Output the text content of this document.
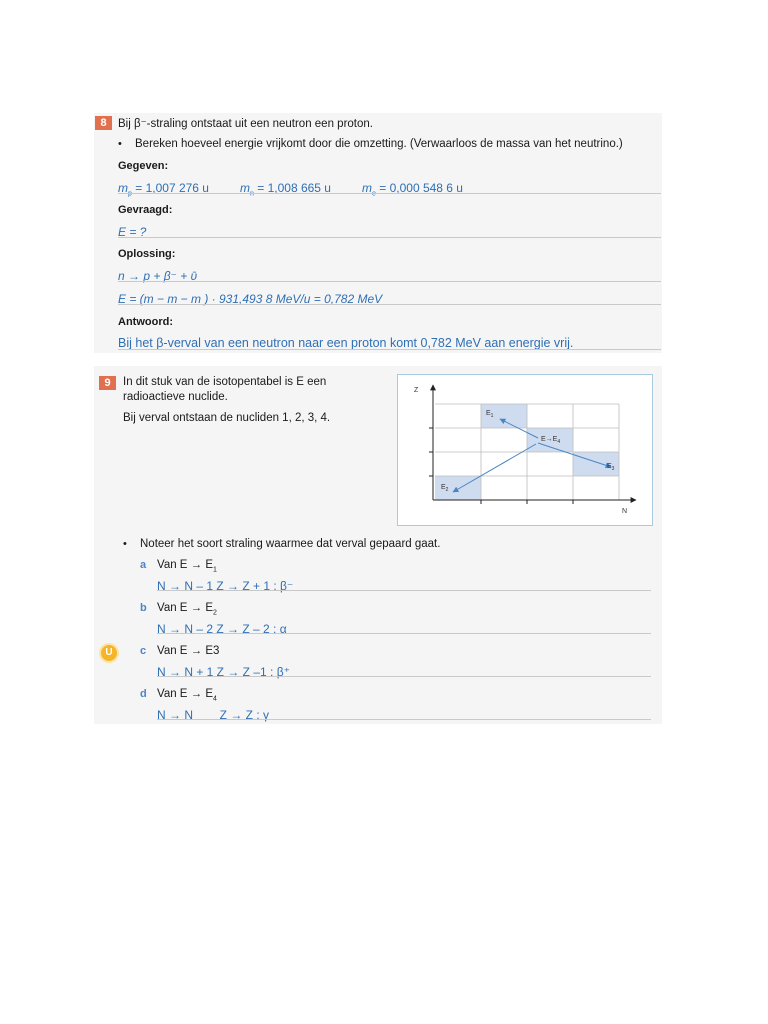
8 Bij β⁻-straling ontstaat uit een neutron een proton.
• Bereken hoeveel energie vrijkomt door die omzetting. (Verwaarloos de massa van het neutrino.)
Gegeven:
$m_p = 1,007$ 276 u	$m_n = 1,008$ 665 u	$m_e = 0,000$ 548 6 u
Gevraagd:
E = ?
Oplossing:
n → p + β⁻ + ῡ
E = (m − m − m ) · 931,493 8 MeV/u = 0,782 MeV
Antwoord:
Bij het β-verval van een neutron naar een proton komt 0,782 MeV aan energie vrij.
9	In dit stuk van de isotopentabel is E een
radioactieve nuclide.
Bij verval ontstaan de nucliden 1, 2, 3, 4.
Z
N
$E_1$
$E\to E_4$
$E_3$
$E_2$
• Noteer het soort straling waarmee dat verval gepaard gaat.
a Van $E \to E_1$
N → N – 1 Z → Z + 1 : β⁻
b Van $E \to E_2$
N → N – 2 Z → Z – 2 : α
U	c Van E → E3
N → N + 1 Z → Z –1 : β⁺
d Van $E \to E_4$
N → N        Z → Z : γ
